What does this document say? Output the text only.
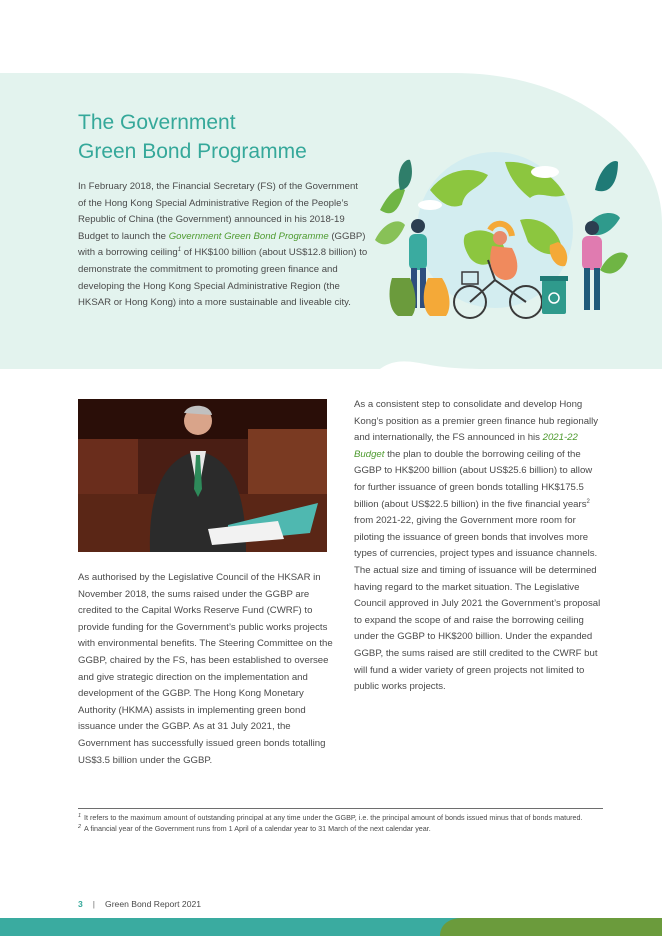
The Government
Green Bond Programme

In February 2018, the Financial Secretary (FS) of the Government of the Hong Kong Special Administrative Region of the People’s Republic of China (the Government) announced in his 2018-19 Budget to launch the Government Green Bond Programme (GGBP) with a borrowing ceiling$^1$ of HK$100 billion (about US$12.8 billion) to demonstrate the commitment to promoting green finance and developing the Hong Kong Special Administrative Region (the HKSAR or Hong Kong) into a more sustainable and liveable city.

As authorised by the Legislative Council of the HKSAR in November 2018, the sums raised under the GGBP are credited to the Capital Works Reserve Fund (CWRF) to provide funding for the Government’s public works projects with environmental benefits. The Steering Committee on the GGBP, chaired by the FS, has been established to oversee and give strategic direction on the implementation and development of the GGBP. The Hong Kong Monetary Authority (HKMA) assists in implementing green bond issuance under the GGBP. As at 31 July 2021, the Government has successfully issued green bonds totalling US$3.5 billion under the GGBP.

As a consistent step to consolidate and develop Hong Kong’s position as a premier green finance hub regionally and internationally, the FS announced in his 2021-22 Budget the plan to double the borrowing ceiling of the GGBP to HK$200 billion (about US$25.6 billion) to allow for further issuance of green bonds totalling HK$175.5 billion (about US$22.5 billion) in the five financial years$^2$ from 2021-22, giving the Government more room for piloting the issuance of green bonds that involves more types of currencies, project types and issuance channels. The actual size and timing of issuance will be determined having regard to the market situation. The Legislative Council approved in July 2021 the Government’s proposal to expand the scope of and raise the borrowing ceiling under the GGBP to HK$200 billion. Under the expanded GGBP, the sums raised are still credited to the CWRF but will fund a wider variety of green projects not limited to public works projects.

1 It refers to the maximum amount of outstanding principal at any time under the GGBP, i.e. the principal amount of bonds issued minus that of bonds matured.
2 A financial year of the Government runs from 1 April of a calendar year to 31 March of the next calendar year.
3 | Green Bond Report 2021
